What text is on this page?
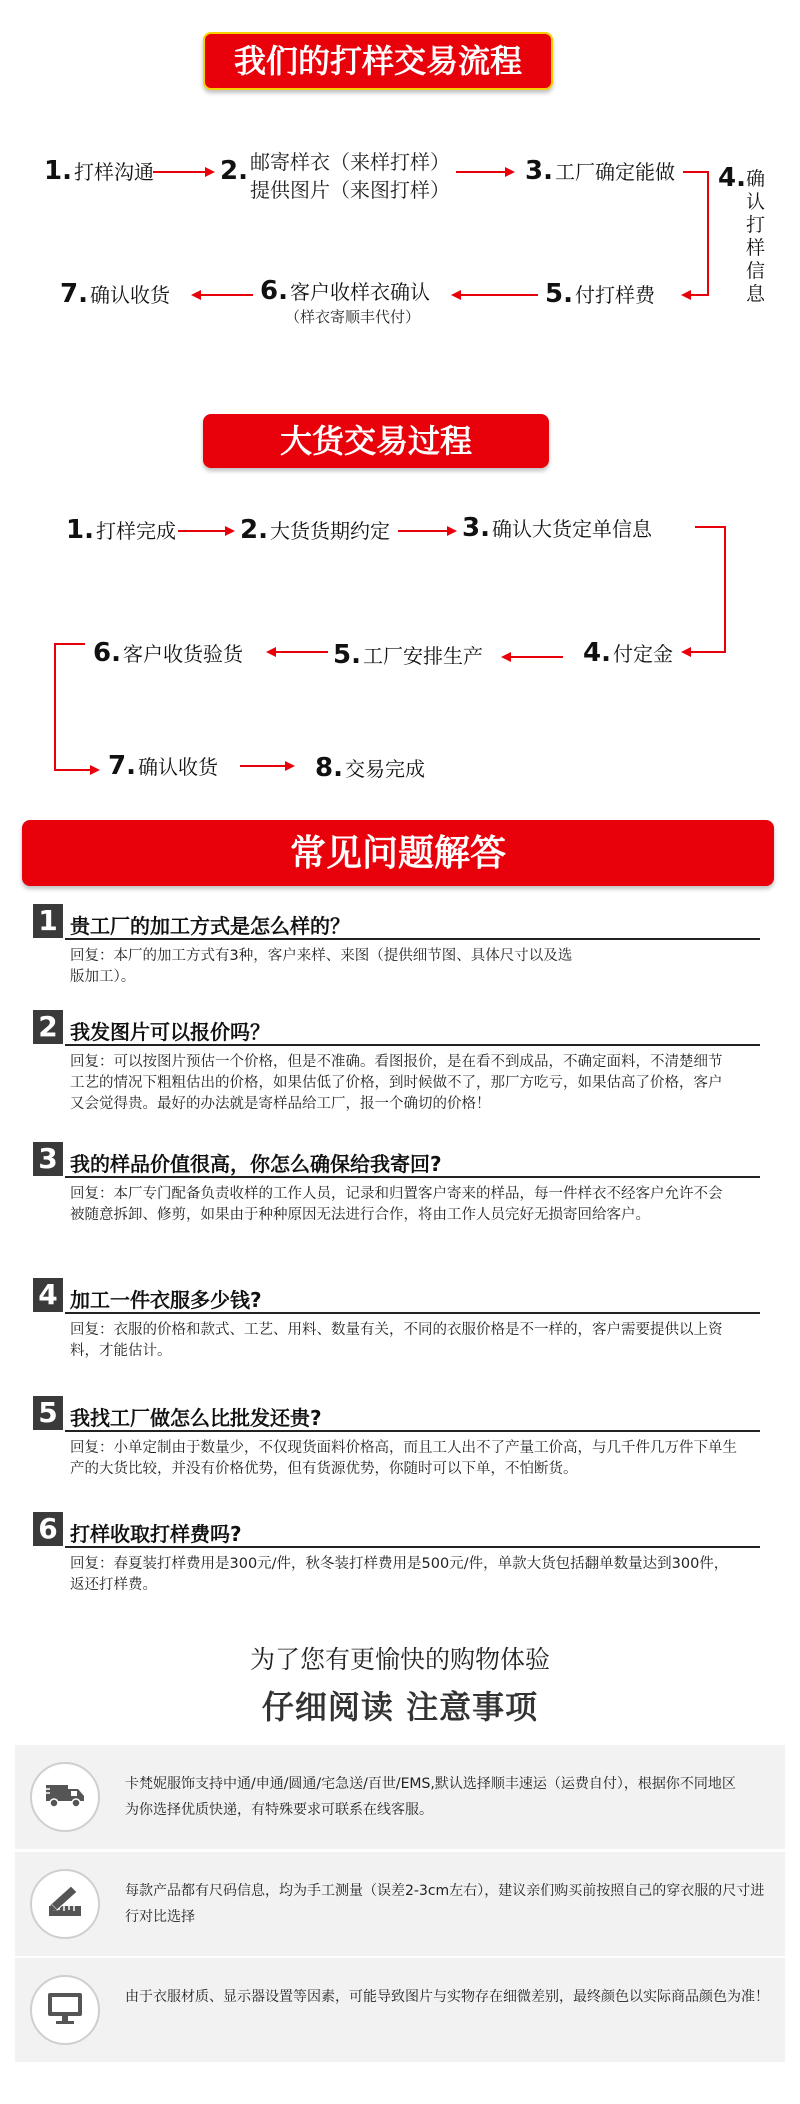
我们的打样交易流程
1. 打样沟通	2. 邮寄样衣（来样打样）
提供图片（来图打样）
3. 工厂确定能做 4. 确认打样信息
5. 付打样费
6. 客户收样衣确认
（样衣寄顺丰代付）
7. 确认收货
大货交易过程
1. 打样完成 2. 大货货期约定	3. 确认大货定单信息
4. 付定金
5. 工厂安排生产
6. 客户收货验货
7. 确认收货	8. 交易完成
常见问题解答
1 贵工厂的加工方式是怎么样的？
回复：本厂的加工方式有3种，客户来样、来图（提供细节图、具体尺寸以及选版加工）。
2 我发图片可以报价吗？
回复：可以按图片预估一个价格，但是不准确。看图报价，是在看不到成品，不确定面料，不清楚细节工艺的情况下粗粗估出的价格，如果估低了价格，到时候做不了，那厂方吃亏，如果估高了价格，客户又会觉得贵。最好的办法就是寄样品给工厂，报一个确切的价格！
3 我的样品价值很高，你怎么确保给我寄回?
回复：本厂专门配备负责收样的工作人员，记录和归置客户寄来的样品，每一件样衣不经客户允许不会被随意拆卸、修剪，如果由于种种原因无法进行合作，将由工作人员完好无损寄回给客户。
4 加工一件衣服多少钱?
回复：衣服的价格和款式、工艺、用料、数量有关，不同的衣服价格是不一样的，客户需要提供以上资料，才能估计。
5 我找工厂做怎么比批发还贵?
回复：小单定制由于数量少，不仅现货面料价格高，而且工人出不了产量工价高，与几千件几万件下单生产的大货比较，并没有价格优势，但有货源优势，你随时可以下单，不怕断货。
6 打样收取打样费吗?
回复：春夏装打样费用是300元/件，秋冬装打样费用是500元/件，单款大货包括翻单数量达到300件，返还打样费。
为了您有更愉快的购物体验
仔细阅读 注意事项
卡梵妮服饰支持中通/申通/圆通/宅急送/百世/EMS,默认选择顺丰速运（运费自付），根据你不同地区为你选择优质快递，有特殊要求可联系在线客服。
每款产品都有尺码信息，均为手工测量（误差2-3cm左右），建议亲们购买前按照自己的穿衣服的尺寸进行对比选择
由于衣服材质、显示器设置等因素，可能导致图片与实物存在细微差别，最终颜色以实际商品颜色为准！
